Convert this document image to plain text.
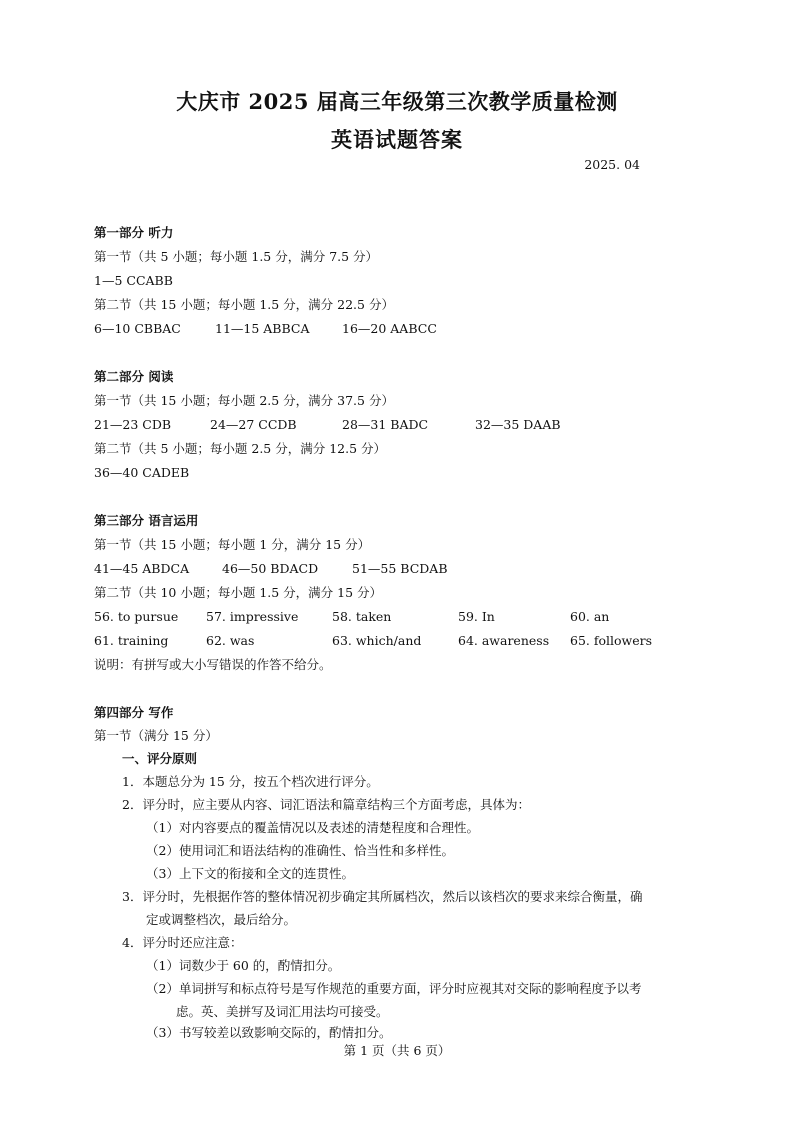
大庆市 2025 届高三年级第三次教学质量检测
英语试题答案
2025. 04
第一部分 听力
第一节（共 5 小题；每小题 1.5 分，满分 7.5 分）
1—5 CCABB
第二节（共 15 小题；每小题 1.5 分，满分 22.5 分）
6—10 CBBAC	11—15 ABBCA	16—20 AABCC
第二部分 阅读
第一节（共 15 小题；每小题 2.5 分，满分 37.5 分）
21—23 CDB	24—27 CCDB	28—31 BADC	32—35 DAAB
第二节（共 5 小题；每小题 2.5 分，满分 12.5 分）
36—40 CADEB
第三部分 语言运用
第一节（共 15 小题；每小题 1 分，满分 15 分）
41—45 ABDCA	46—50 BDACD	51—55 BCDAB
第二节（共 10 小题；每小题 1.5 分，满分 15 分）
56. to pursue 57. impressive	58. taken	59. In	60. an
61. training	62. was	63. which/and	64. awareness 65. followers
说明：有拼写或大小写错误的作答不给分。
第四部分 写作
第一节（满分 15 分）
一、评分原则
1．本题总分为 15 分，按五个档次进行评分。
2．评分时，应主要从内容、词汇语法和篇章结构三个方面考虑，具体为：
（1）对内容要点的覆盖情况以及表述的清楚程度和合理性。
（2）使用词汇和语法结构的准确性、恰当性和多样性。
（3）上下文的衔接和全文的连贯性。
3．评分时，先根据作答的整体情况初步确定其所属档次，然后以该档次的要求来综合衡量，确
定或调整档次，最后给分。
4．评分时还应注意：
（1）词数少于 60 的，酌情扣分。
（2）单词拼写和标点符号是写作规范的重要方面，评分时应视其对交际的影响程度予以考
虑。英、美拼写及词汇用法均可接受。
（3）书写较差以致影响交际的，酌情扣分。
第 1 页（共 6 页）
